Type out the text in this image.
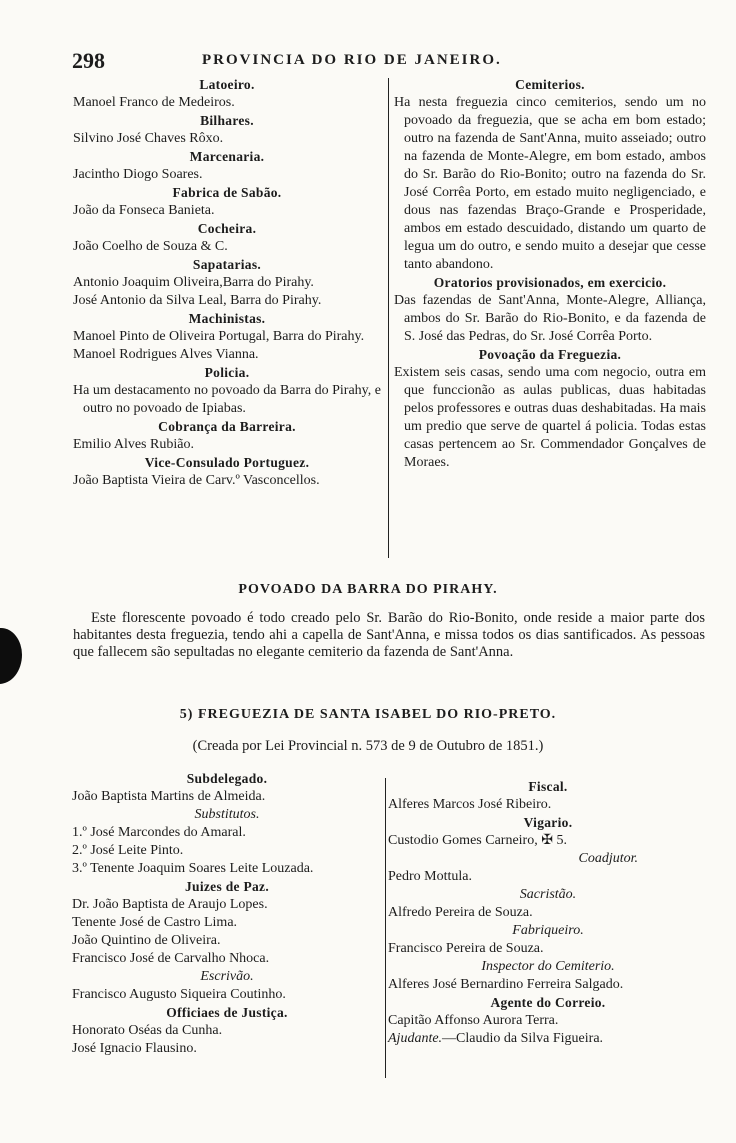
298	PROVINCIA DO RIO DE JANEIRO.
Latoeiro.
Manoel Franco de Medeiros.
Bilhares.
Silvino José Chaves Rôxo.
Marcenaria.
Jacintho Diogo Soares.
Fabrica de Sabão.
João da Fonseca Banieta.
Cocheira.
João Coelho de Souza & C.
Sapatarias.
Antonio Joaquim Oliveira,Barra do Pirahy.
José Antonio da Silva Leal, Barra do Pirahy.
Machinistas.
Manoel Pinto de Oliveira Portugal, Barra do Pirahy.
Manoel Rodrigues Alves Vianna.
Policia.
Ha um destacamento no povoado da Barra do Pirahy, e outro no povoado de Ipiabas.
Cobrança da Barreira.
Emilio Alves Rubião.
Vice-Consulado Portuguez.
João Baptista Vieira de Carv.º Vasconcellos.
Cemiterios.
Ha nesta freguezia cinco cemiterios, sendo um no povoado da freguezia, que se acha em bom estado; outro na fazenda de Sant'Anna, muito asseiado; outro na fazenda de Monte-Alegre, em bom estado, ambos do Sr. Barão do Rio-Bonito; outro na fazenda do Sr. José Corrêa Porto, em estado muito negligenciado, e dous nas fazendas Braço-Grande e Prosperidade, ambos em estado descuidado, distando um quarto de legua um do outro, e sendo muito a desejar que cesse tanto abandono.
Oratorios provisionados, em exercicio.
Das fazendas de Sant'Anna, Monte-Alegre, Alliança, ambos do Sr. Barão do Rio-Bonito, e da fazenda de S. José das Pedras, do Sr. José Corrêa Porto.
Povoação da Freguezia.
Existem seis casas, sendo uma com negocio, outra em que funccionão as aulas publicas, duas habitadas pelos professores e outras duas deshabitadas. Ha mais um predio que serve de quartel á policia. Todas estas casas pertencem ao Sr. Commendador Gonçalves de Moraes.
POVOADO DA BARRA DO PIRAHY.
Este florescente povoado é todo creado pelo Sr. Barão do Rio-Bonito, onde reside a maior parte dos habitantes desta freguezia, tendo ahi a capella de Sant'Anna, e missa todos os dias santificados. As pessoas que fallecem são sepultadas no elegante cemiterio da fazenda de Sant'Anna.
5) FREGUEZIA DE SANTA ISABEL DO RIO-PRETO.
(Creada por Lei Provincial n. 573 de 9 de Outubro de 1851.)
Subdelegado.
João Baptista Martins de Almeida.
Substitutos.
1.º José Marcondes do Amaral.
2.º José Leite Pinto.
3.º Tenente Joaquim Soares Leite Louzada.
Juizes de Paz.
Dr. João Baptista de Araujo Lopes.
Tenente José de Castro Lima.
João Quintino de Oliveira.
Francisco José de Carvalho Nhoca.
Escrivão.
Francisco Augusto Siqueira Coutinho.
Officiaes de Justiça.
Honorato Oséas da Cunha.
José Ignacio Flausino.
Fiscal.
Alferes Marcos José Ribeiro.
Vigario.
Custodio Gomes Carneiro, ✠ 5.
Coadjutor.
Pedro Mottula.
Sacristão.
Alfredo Pereira de Souza.
Fabriqueiro.
Francisco Pereira de Souza.
Inspector do Cemiterio.
Alferes José Bernardino Ferreira Salgado.
Agente do Correio.
Capitão Affonso Aurora Terra.
Ajudante.—Claudio da Silva Figueira.
